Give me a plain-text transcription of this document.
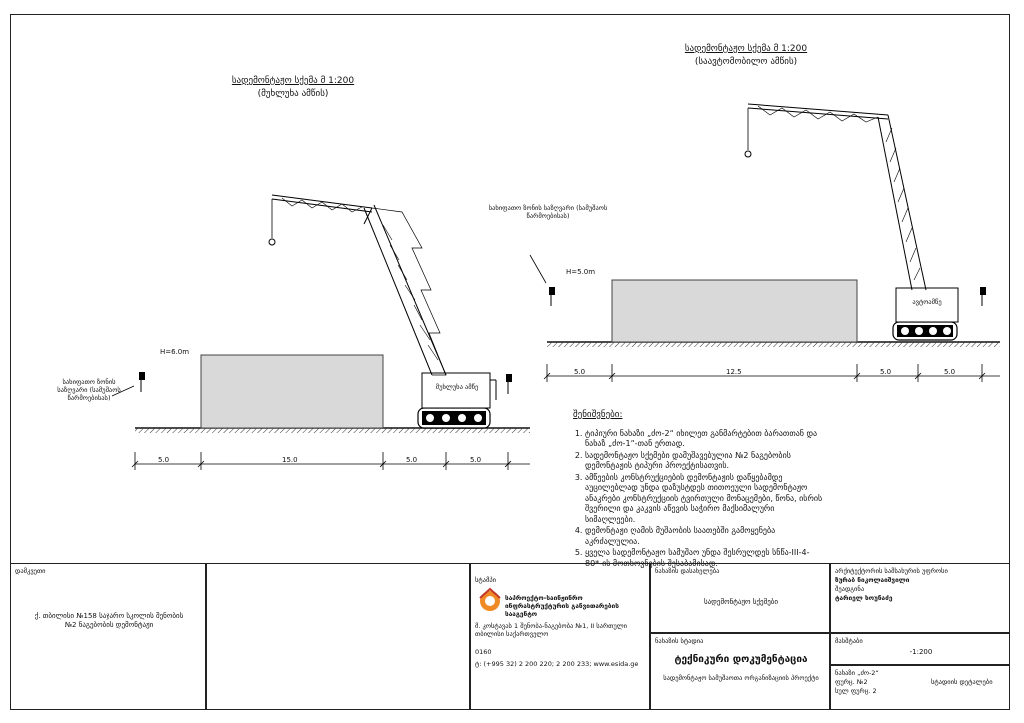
სადემონტაჟო სქემა მ 1:200
(მუხლუხა ამწის)
სადემონტაჟო სქემა მ 1:200
(საავტომობილო ამწის)
H=6.0m
სახიფათო ზონის საზღვარი (სამუშაოს წარმოებისას)
მუხლუხა ამწე
5.0	15.0	5.0	5.0
H=5.0m
სახიფათო ზონის საზღვარი (სამუშაოს წარმოებისას)
ავტოამწე
5.0	12.5	5.0	5.0
შენიშვნები:
1. ტიპიური ნახაზი „ძო-2“ იხილეთ განმარტებით ბარათთან და ნახაზ „ძო-1“-თან ერთად.
2. სადემონტაჟო სქემები დამუშავებულია №2 ნაგებობის დემონტაჟის ტიპური პროექტისათვის.
3. ამწეების კონსტრუქციების დემონტაჟის დაწყებამდე აუცილებლად უნდა დაზუსტდეს თითოეული სადემონტაჟო ანაკრები კონსტრუქციის ტვირთული მონაცემები, წონა, ისრის შვერილი და კაკვის აწევის საჭირო მაქსიმალური სიმაღლეები.
4. დემონტაჟი ღამის მუშაობის საათებში გამოყენება აკრძალულია.
5. ყველა სადემონტაჟო სამუშაო უნდა შესრულდეს სნწა-III-4-80*-ის მოთხოვნების შესაბამისად.
დამკვეთი
ქ. თბილისი №158 საჯარო სკოლის შენობის №2 ნაგებობის დემონტაჟი
სტამპი
საპროექტო-საინჟინრო ინფრასტრუქტურის განვითარების სააგენტო
მ. კოსტავას 1 შენობა-ნაგებობა №1, II სართული თბილისი საქართველო
0160
ტ: (+995 32) 2 200 220; 2 200 233; www.esida.ge
ნახაზის დასახელება
სადემონტაჟო სქემები
ნახაზის სტადია
ტექნიკური დოკუმენტაცია
სადემონტაჟო სამუშაოთა ორგანიზაციის პროექტი
არქიტექტორის სამსახურის უფროსი
ზურაბ ნიკოლაიშვილი
შეადგინა
ტარიელ ხოუნაძე
მასშტაბი
-1:200
ნახაზი „ძო-2“
ფურც. №2
სულ ფურც. 2
სტადიის დეტალები
